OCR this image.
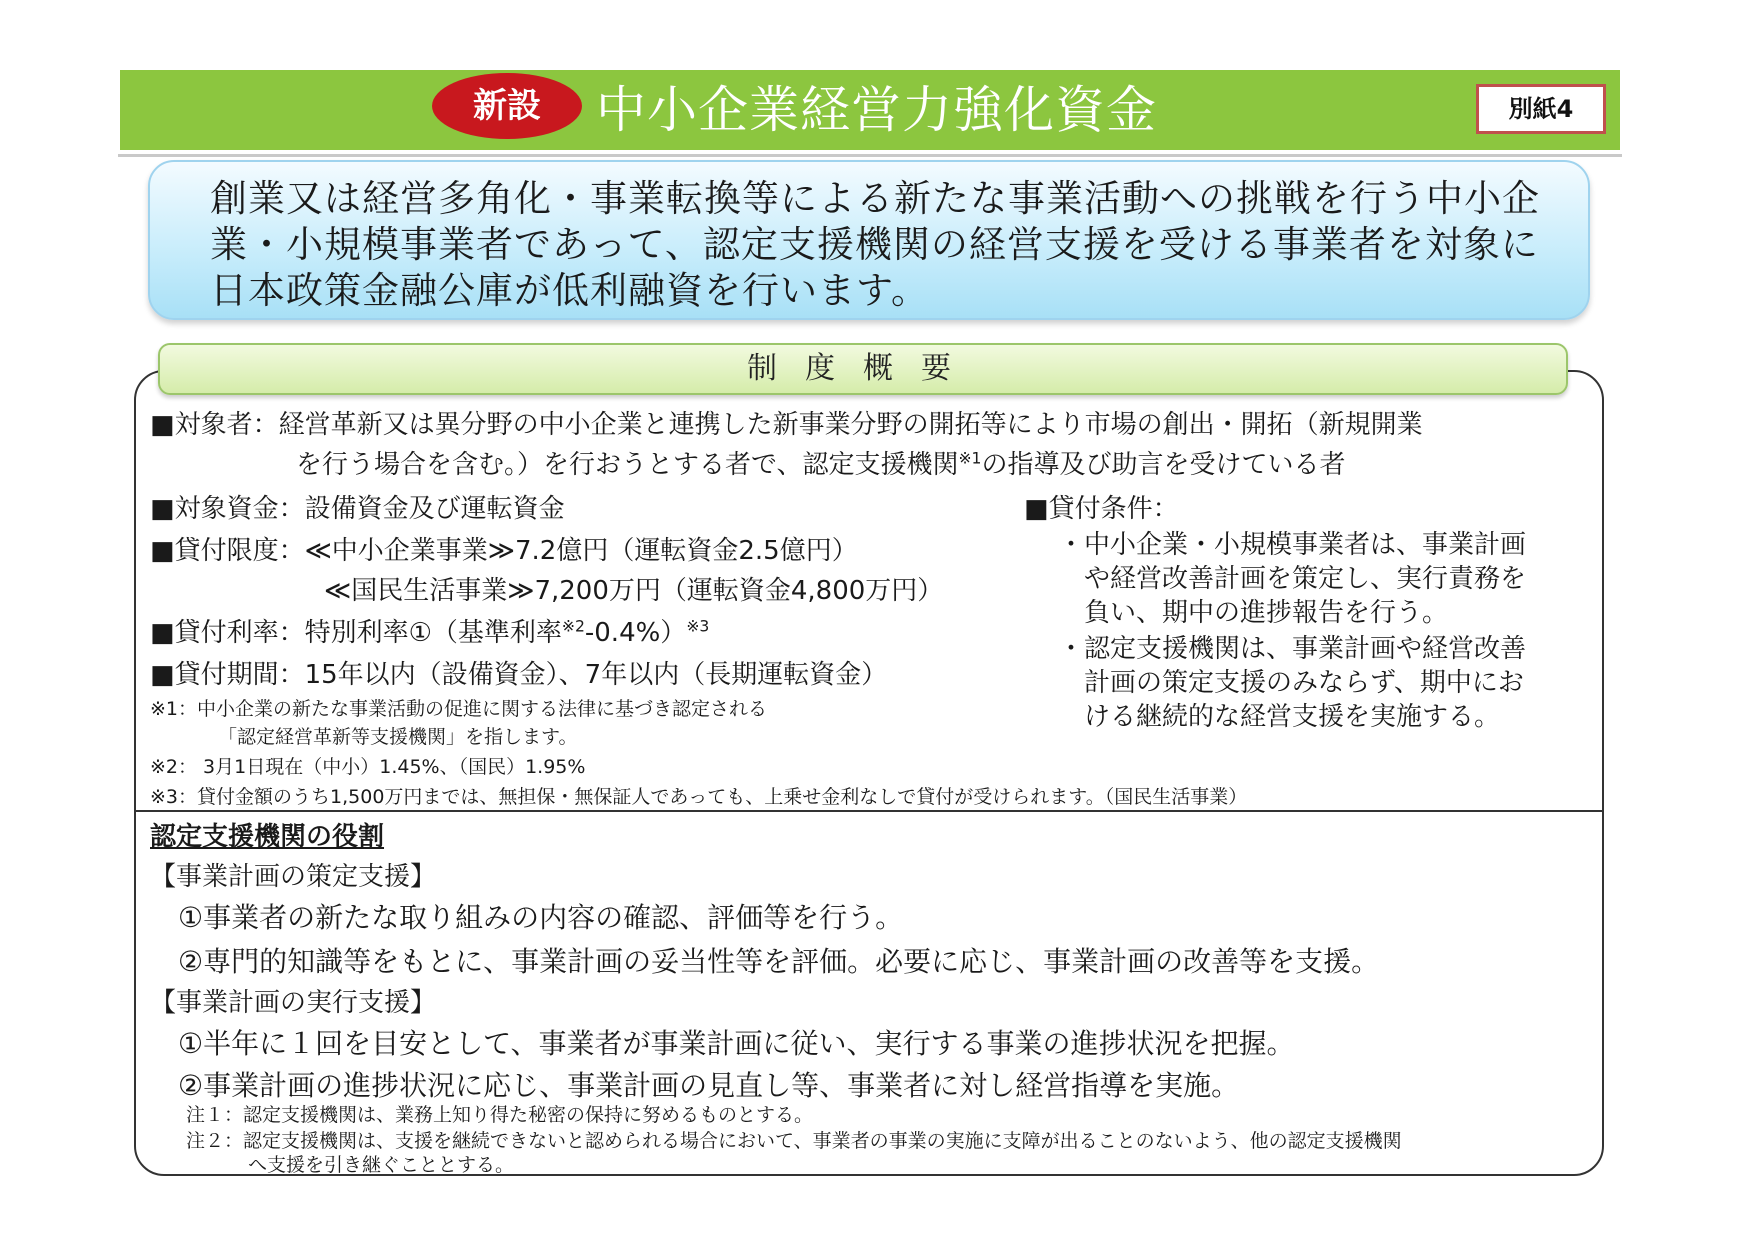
新設	中小企業経営力強化資金	別紙4
創業又は経営多角化・事業転換等による新たな事業活動への挑戦を行う中小企
業・小規模事業者であって、認定支援機関の経営支援を受ける事業者を対象に
日本政策金融公庫が低利融資を行います。
制度概要
■対象者：経営革新又は異分野の中小企業と連携した新事業分野の開拓等により市場の創出・開拓（新規開業
を行う場合を含む。）を行おうとする者で、認定支援機関$^{※1}$の指導及び助言を受けている者
■対象資金：設備資金及び運転資金
■貸付限度：≪中小企業事業≫7.2億円（運転資金2.5億円）
≪国民生活事業≫7,200万円（運転資金4,800万円）
■貸付利率：特別利率①（基準利率$^{※2}$-0.4%）$^{※3}$
■貸付期間：15年以内（設備資金）、7年以内（長期運転資金）
※1：中小企業の新たな事業活動の促進に関する法律に基づき認定される
「認定経営革新等支援機関」を指します。
※2： 3月1日現在（中小）1.45%、（国民）1.95%
※3：貸付金額のうち1,500万円までは、無担保・無保証人であっても、上乗せ金利なしで貸付が受けられます。（国民生活事業）
■貸付条件：
・中小企業・小規模事業者は、事業計画
や経営改善計画を策定し、実行責務を
負い、期中の進捗報告を行う。
・認定支援機関は、事業計画や経営改善
計画の策定支援のみならず、期中にお
ける継続的な経営支援を実施する。
認定支援機関の役割
【事業計画の策定支援】
①事業者の新たな取り組みの内容の確認、評価等を行う。
②専門的知識等をもとに、事業計画の妥当性等を評価。必要に応じ、事業計画の改善等を支援。
【事業計画の実行支援】
①半年に１回を目安として、事業者が事業計画に従い、実行する事業の進捗状況を把握。
②事業計画の進捗状況に応じ、事業計画の見直し等、事業者に対し経営指導を実施。
注１：認定支援機関は、業務上知り得た秘密の保持に努めるものとする。
注２：認定支援機関は、支援を継続できないと認められる場合において、事業者の事業の実施に支障が出ることのないよう、他の認定支援機関
へ支援を引き継ぐこととする。
